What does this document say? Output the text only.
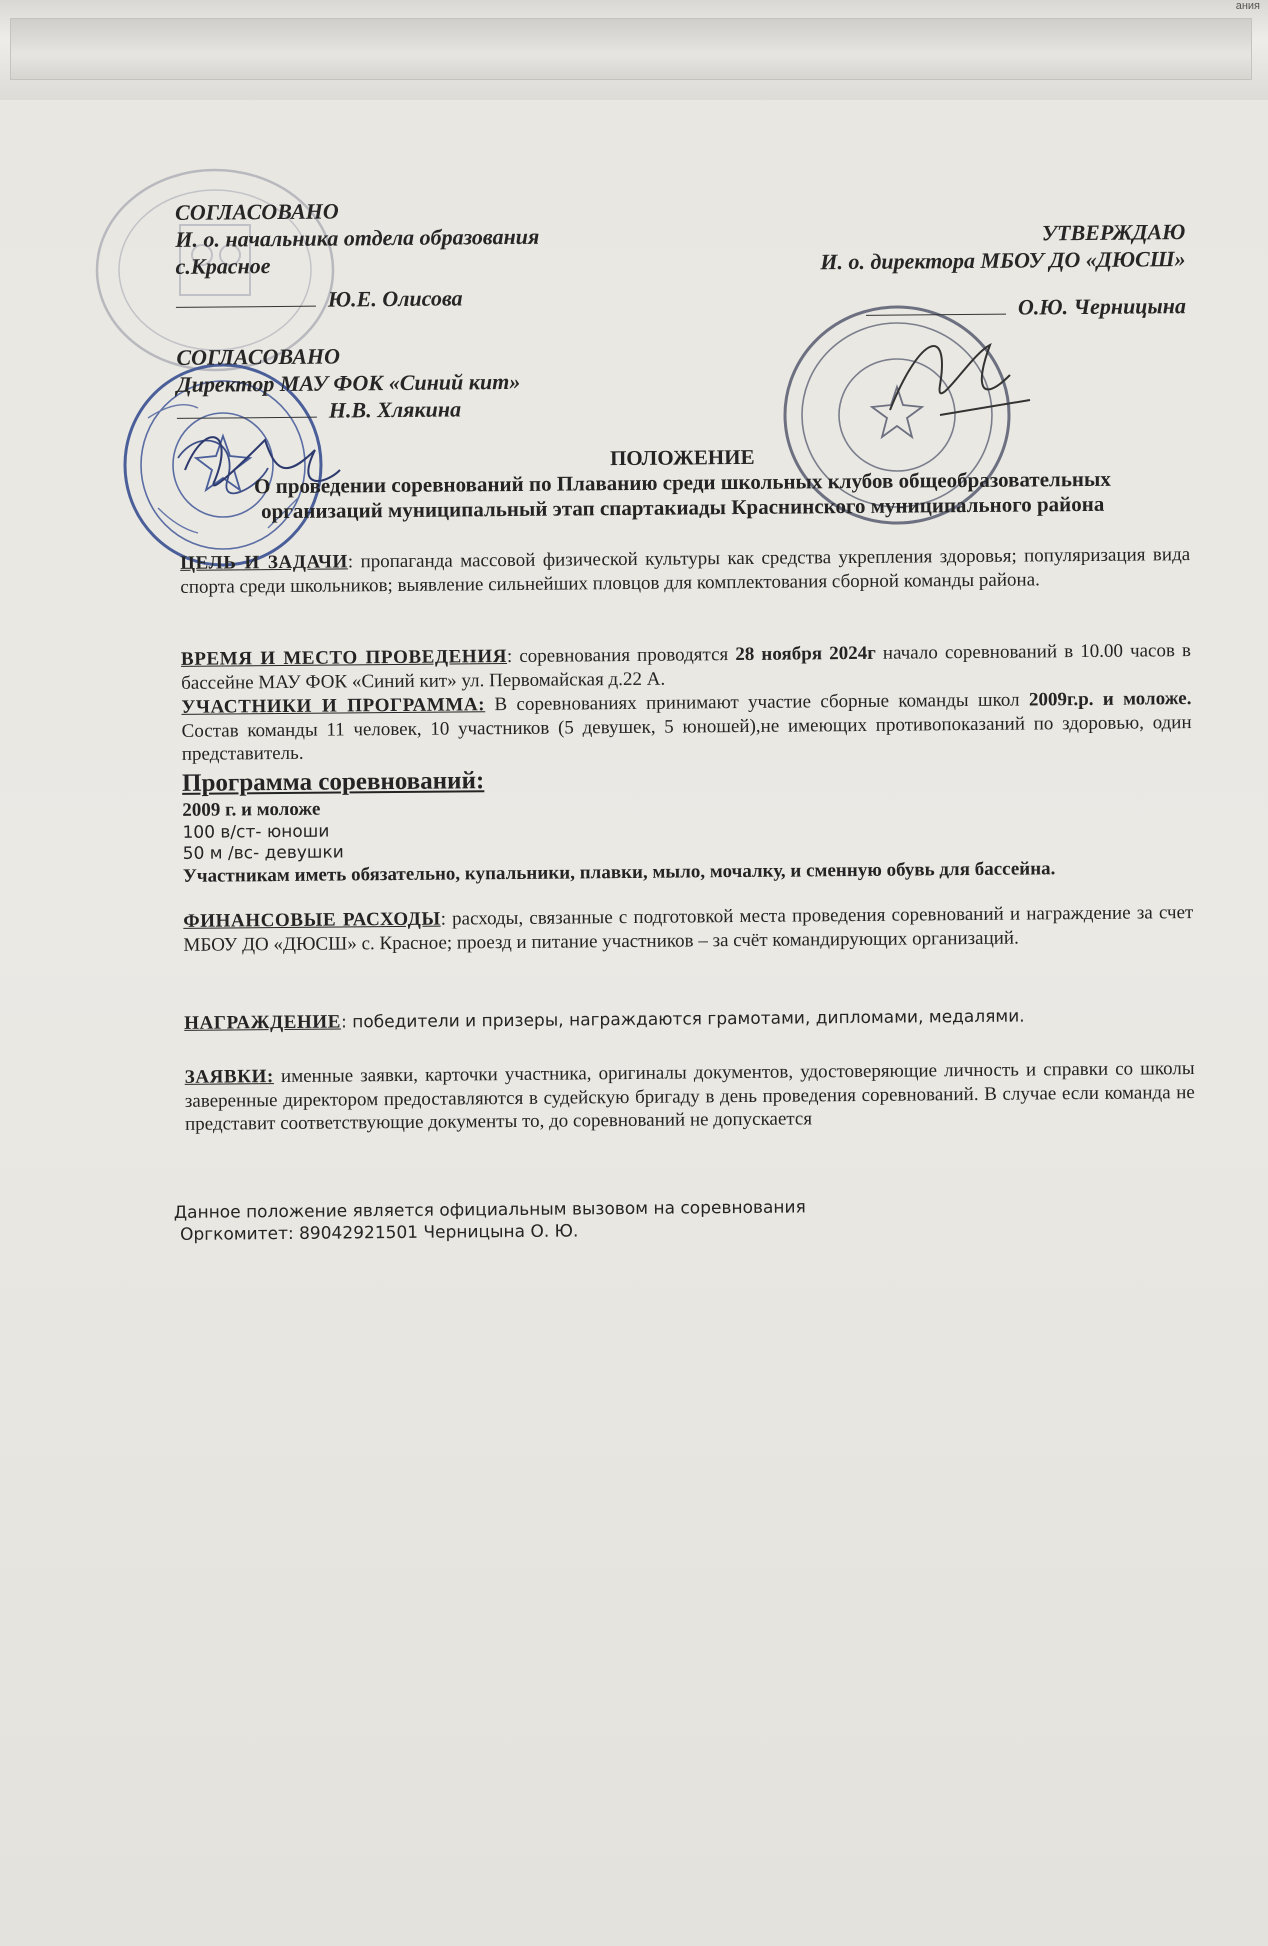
ания
СОГЛАСОВАНО
И. о. начальника отдела образования
с.Красное
Ю.Е. Олисова
СОГЛАСОВАНО
Директор МАУ ФОК «Синий кит»
Н.В. Хлякина
УТВЕРЖДАЮ
И. о. директора МБОУ ДО «ДЮСШ»
О.Ю. Черницына
ПОЛОЖЕНИЕ
О проведении соревнований по Плаванию среди школьных клубов общеобразовательных
организаций муниципальный этап спартакиады Краснинского муниципального района
ЦЕЛЬ И ЗАДАЧИ: пропаганда массовой физической культуры как средства укрепления здоровья; популяризация вида спорта среди школьников; выявление сильнейших пловцов для комплектования сборной команды района.
ВРЕМЯ И МЕСТО ПРОВЕДЕНИЯ: соревнования проводятся 28 ноября 2024г начало соревнований в 10.00 часов в бассейне МАУ ФОК «Синий кит» ул. Первомайская д.22 А.
УЧАСТНИКИ И ПРОГРАММА: В соревнованиях принимают участие сборные команды школ 2009г.р. и моложе. Состав команды 11 человек, 10 участников (5 девушек, 5 юношей),не имеющих противопоказаний по здоровью, один представитель.
Программа соревнований:
2009 г. и моложе
100 в/ст- юноши
50 м /вс- девушки
Участникам иметь обязательно, купальники, плавки, мыло, мочалку, и сменную обувь для бассейна.
ФИНАНСОВЫЕ РАСХОДЫ: расходы, связанные с подготовкой места проведения соревнований и награждение за счет МБОУ ДО «ДЮСШ» с. Красное; проезд и питание участников – за счёт командирующих организаций.
НАГРАЖДЕНИЕ: победители и призеры, награждаются грамотами, дипломами, медалями.
ЗАЯВКИ: именные заявки, карточки участника, оригиналы документов, удостоверяющие личность и справки со школы заверенные директором предоставляются в судейскую бригаду в день проведения соревнований. В случае если команда не представит соответствующие документы то, до соревнований не допускается
Данное положение является официальным вызовом на соревнования
Оргкомитет: 89042921501 Черницына О. Ю.
